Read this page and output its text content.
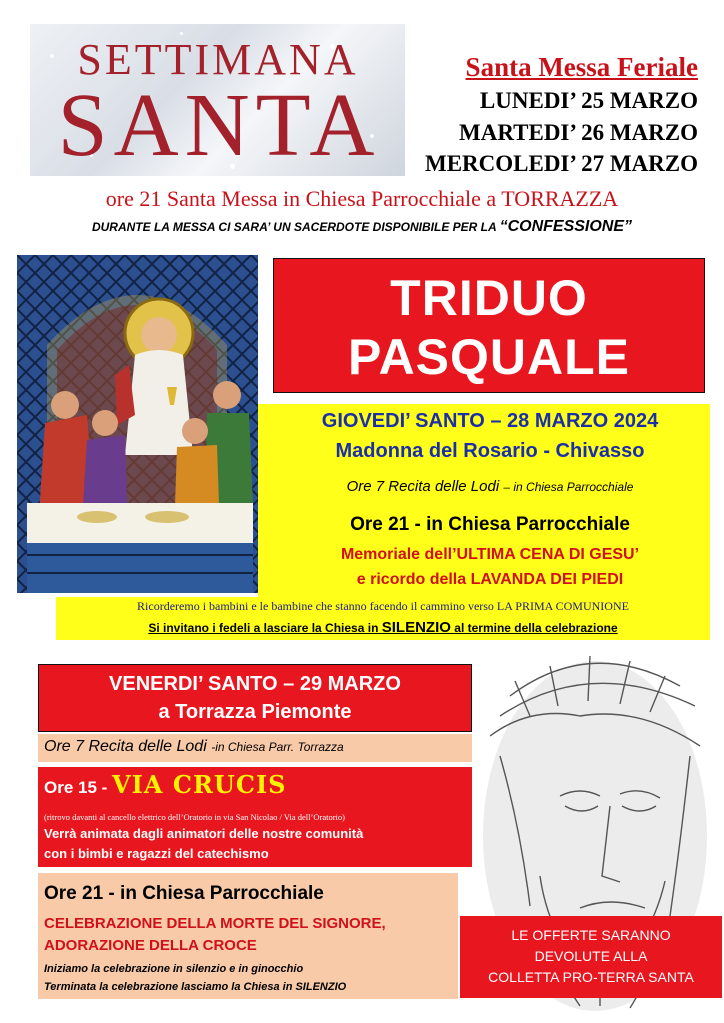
SETTIMANA
SANTA
Santa Messa Feriale
LUNEDI’ 25 MARZO
MARTEDI’ 26 MARZO
MERCOLEDI’ 27 MARZO
ore 21 Santa Messa in Chiesa Parrocchiale a TORRAZZA
DURANTE LA MESSA CI SARA’ UN SACERDOTE DISPONIBILE PER LA “CONFESSIONE”
TRIDUO
PASQUALE
GIOVEDI’ SANTO – 28 MARZO 2024
Madonna del Rosario - Chivasso
Ore 7 Recita delle Lodi – in Chiesa Parrocchiale
Ore 21 - in Chiesa Parrocchiale
Memoriale dell’ULTIMA CENA DI GESU’
e ricordo della LAVANDA DEI PIEDI
Ricorderemo i bambini e le bambine che stanno facendo il cammino verso LA PRIMA COMUNIONE
Si invitano i fedeli a lasciare la Chiesa in SILENZIO al termine della celebrazione
VENERDI’ SANTO – 29 MARZO
a Torrazza Piemonte
Ore 7 Recita delle Lodi -in Chiesa Parr. Torrazza
Ore 15 - VIA CRUCIS
(ritrovo davanti al cancello elettrico dell’Oratorio in via San Nicolao / Via dell’Oratorio)
Verrà animata dagli animatori delle nostre comunità
con i bimbi e ragazzi del catechismo
Ore 21 - in Chiesa Parrocchiale
CELEBRAZIONE DELLA MORTE DEL SIGNORE,
ADORAZIONE DELLA CROCE
Iniziamo la celebrazione in silenzio e in ginocchio
Terminata la celebrazione lasciamo la Chiesa in SILENZIO
LE OFFERTE SARANNO
DEVOLUTE ALLA
COLLETTA PRO-TERRA SANTA
